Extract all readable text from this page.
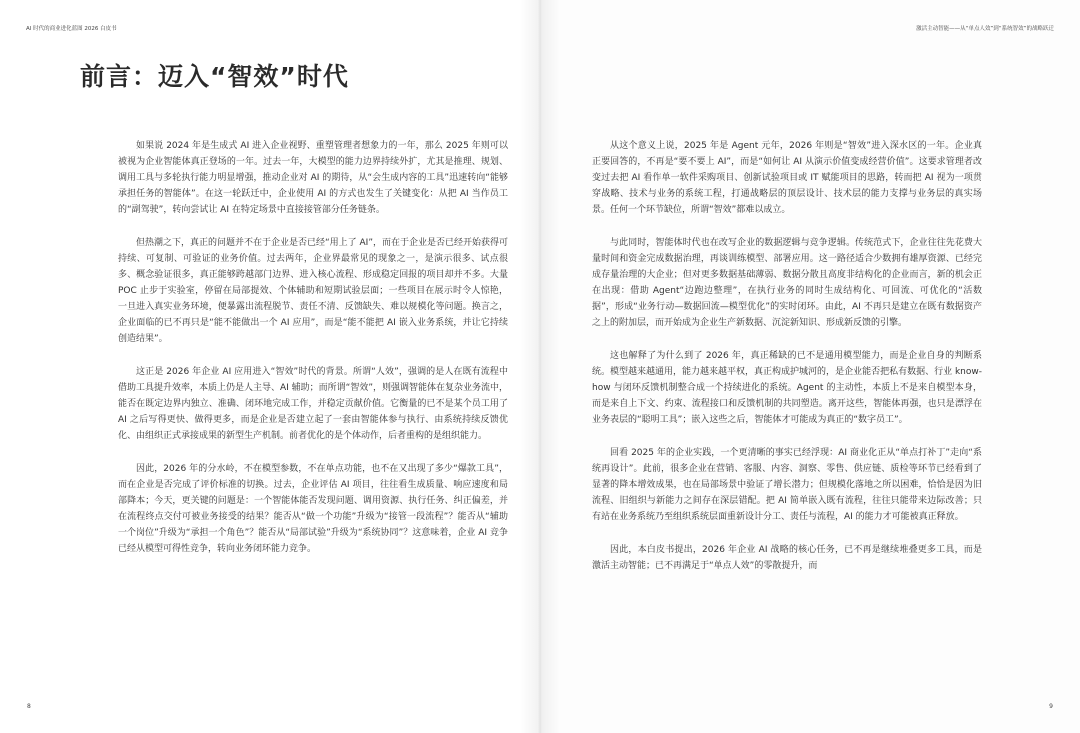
AI 时代的商业进化蓝图 2026 白皮书
前言：迈入“智效”时代

如果说 2024 年是生成式 AI 进入企业视野、重塑管理者想象力的一年，那么 2025 年则可以被视为企业智能体真正登场的一年。过去一年，大模型的能力边界持续外扩，尤其是推理、规划、调用工具与多轮执行能力明显增强，推动企业对 AI 的期待，从“会生成内容的工具”迅速转向“能够承担任务的智能体”。在这一轮跃迁中，企业使用 AI 的方式也发生了关键变化：从把 AI 当作员工的“副驾驶”，转向尝试让 AI 在特定场景中直接接管部分任务链条。

但热潮之下，真正的问题并不在于企业是否已经“用上了 AI”，而在于企业是否已经开始获得可持续、可复制、可验证的业务价值。过去两年，企业界最常见的现象之一，是演示很多、试点很多、概念验证很多，真正能够跨越部门边界、进入核心流程、形成稳定回报的项目却并不多。大量 POC 止步于实验室，停留在局部提效、个体辅助和短期试验层面；一些项目在展示时令人惊艳，一旦进入真实业务环境，便暴露出流程脱节、责任不清、反馈缺失、难以规模化等问题。换言之，企业面临的已不再只是“能不能做出一个 AI 应用”，而是“能不能把 AI 嵌入业务系统，并让它持续创造结果”。

这正是 2026 年企业 AI 应用进入“智效”时代的背景。所谓“人效”，强调的是人在既有流程中借助工具提升效率，本质上仍是人主导、AI 辅助；而所谓“智效”，则强调智能体在复杂业务流中，能否在既定边界内独立、准确、闭环地完成工作，并稳定贡献价值。它衡量的已不是某个员工用了 AI 之后写得更快、做得更多，而是企业是否建立起了一套由智能体参与执行、由系统持续反馈优化、由组织正式承接成果的新型生产机制。前者优化的是个体动作，后者重构的是组织能力。

因此，2026 年的分水岭，不在模型参数，不在单点功能，也不在又出现了多少“爆款工具”，而在企业是否完成了评价标准的切换。过去，企业评估 AI 项目，往往看生成质量、响应速度和局部降本；今天，更关键的问题是：一个智能体能否发现问题、调用资源、执行任务、纠正偏差，并在流程终点交付可被业务接受的结果？能否从“做一个功能”升级为“接管一段流程”？能否从“辅助一个岗位”升级为“承担一个角色”？能否从“局部试验”升级为“系统协同”？这意味着，企业 AI 竞争已经从模型可得性竞争，转向业务闭环能力竞争。

8
激活主动智能——从“单点人效”到“系统智效”的战略跃迁

从这个意义上说，2025 年是 Agent 元年，2026 年则是“智效”进入深水区的一年。企业真正要回答的，不再是“要不要上 AI”，而是“如何让 AI 从演示价值变成经营价值”。这要求管理者改变过去把 AI 看作单一软件采购项目、创新试验项目或 IT 赋能项目的思路，转而把 AI 视为一项贯穿战略、技术与业务的系统工程，打通战略层的顶层设计、技术层的能力支撑与业务层的真实场景。任何一个环节缺位，所谓“智效”都难以成立。

与此同时，智能体时代也在改写企业的数据逻辑与竞争逻辑。传统范式下，企业往往先花费大量时间和资金完成数据治理，再谈训练模型、部署应用。这一路径适合少数拥有雄厚资源、已经完成存量治理的大企业；但对更多数据基础薄弱、数据分散且高度非结构化的企业而言，新的机会正在出现：借助 Agent“边跑边整理”，在执行业务的同时生成结构化、可回流、可优化的“活数据”，形成“业务行动—数据回流—模型优化”的实时闭环。由此，AI 不再只是建立在既有数据资产之上的附加层，而开始成为企业生产新数据、沉淀新知识、形成新反馈的引擎。

这也解释了为什么到了 2026 年，真正稀缺的已不是通用模型能力，而是企业自身的判断系统。模型越来越通用，能力越来越平权，真正构成护城河的，是企业能否把私有数据、行业 know-how 与闭环反馈机制整合成一个持续进化的系统。Agent 的主动性，本质上不是来自模型本身，而是来自上下文、约束、流程接口和反馈机制的共同塑造。离开这些，智能体再强，也只是漂浮在业务表层的“聪明工具”；嵌入这些之后，智能体才可能成为真正的“数字员工”。

回看 2025 年的企业实践，一个更清晰的事实已经浮现：AI 商业化正从“单点打补丁”走向“系统再设计”。此前，很多企业在营销、客服、内容、洞察、零售、供应链、质检等环节已经看到了显著的降本增效成果，也在局部场景中验证了增长潜力；但规模化落地之所以困难，恰恰是因为旧流程、旧组织与新能力之间存在深层错配。把 AI 简单嵌入既有流程，往往只能带来边际改善；只有站在业务系统乃至组织系统层面重新设计分工、责任与流程，AI 的能力才可能被真正释放。

因此，本白皮书提出，2026 年企业 AI 战略的核心任务，已不再是继续堆叠更多工具，而是激活主动智能；已不再满足于“单点人效”的零散提升，而

9
